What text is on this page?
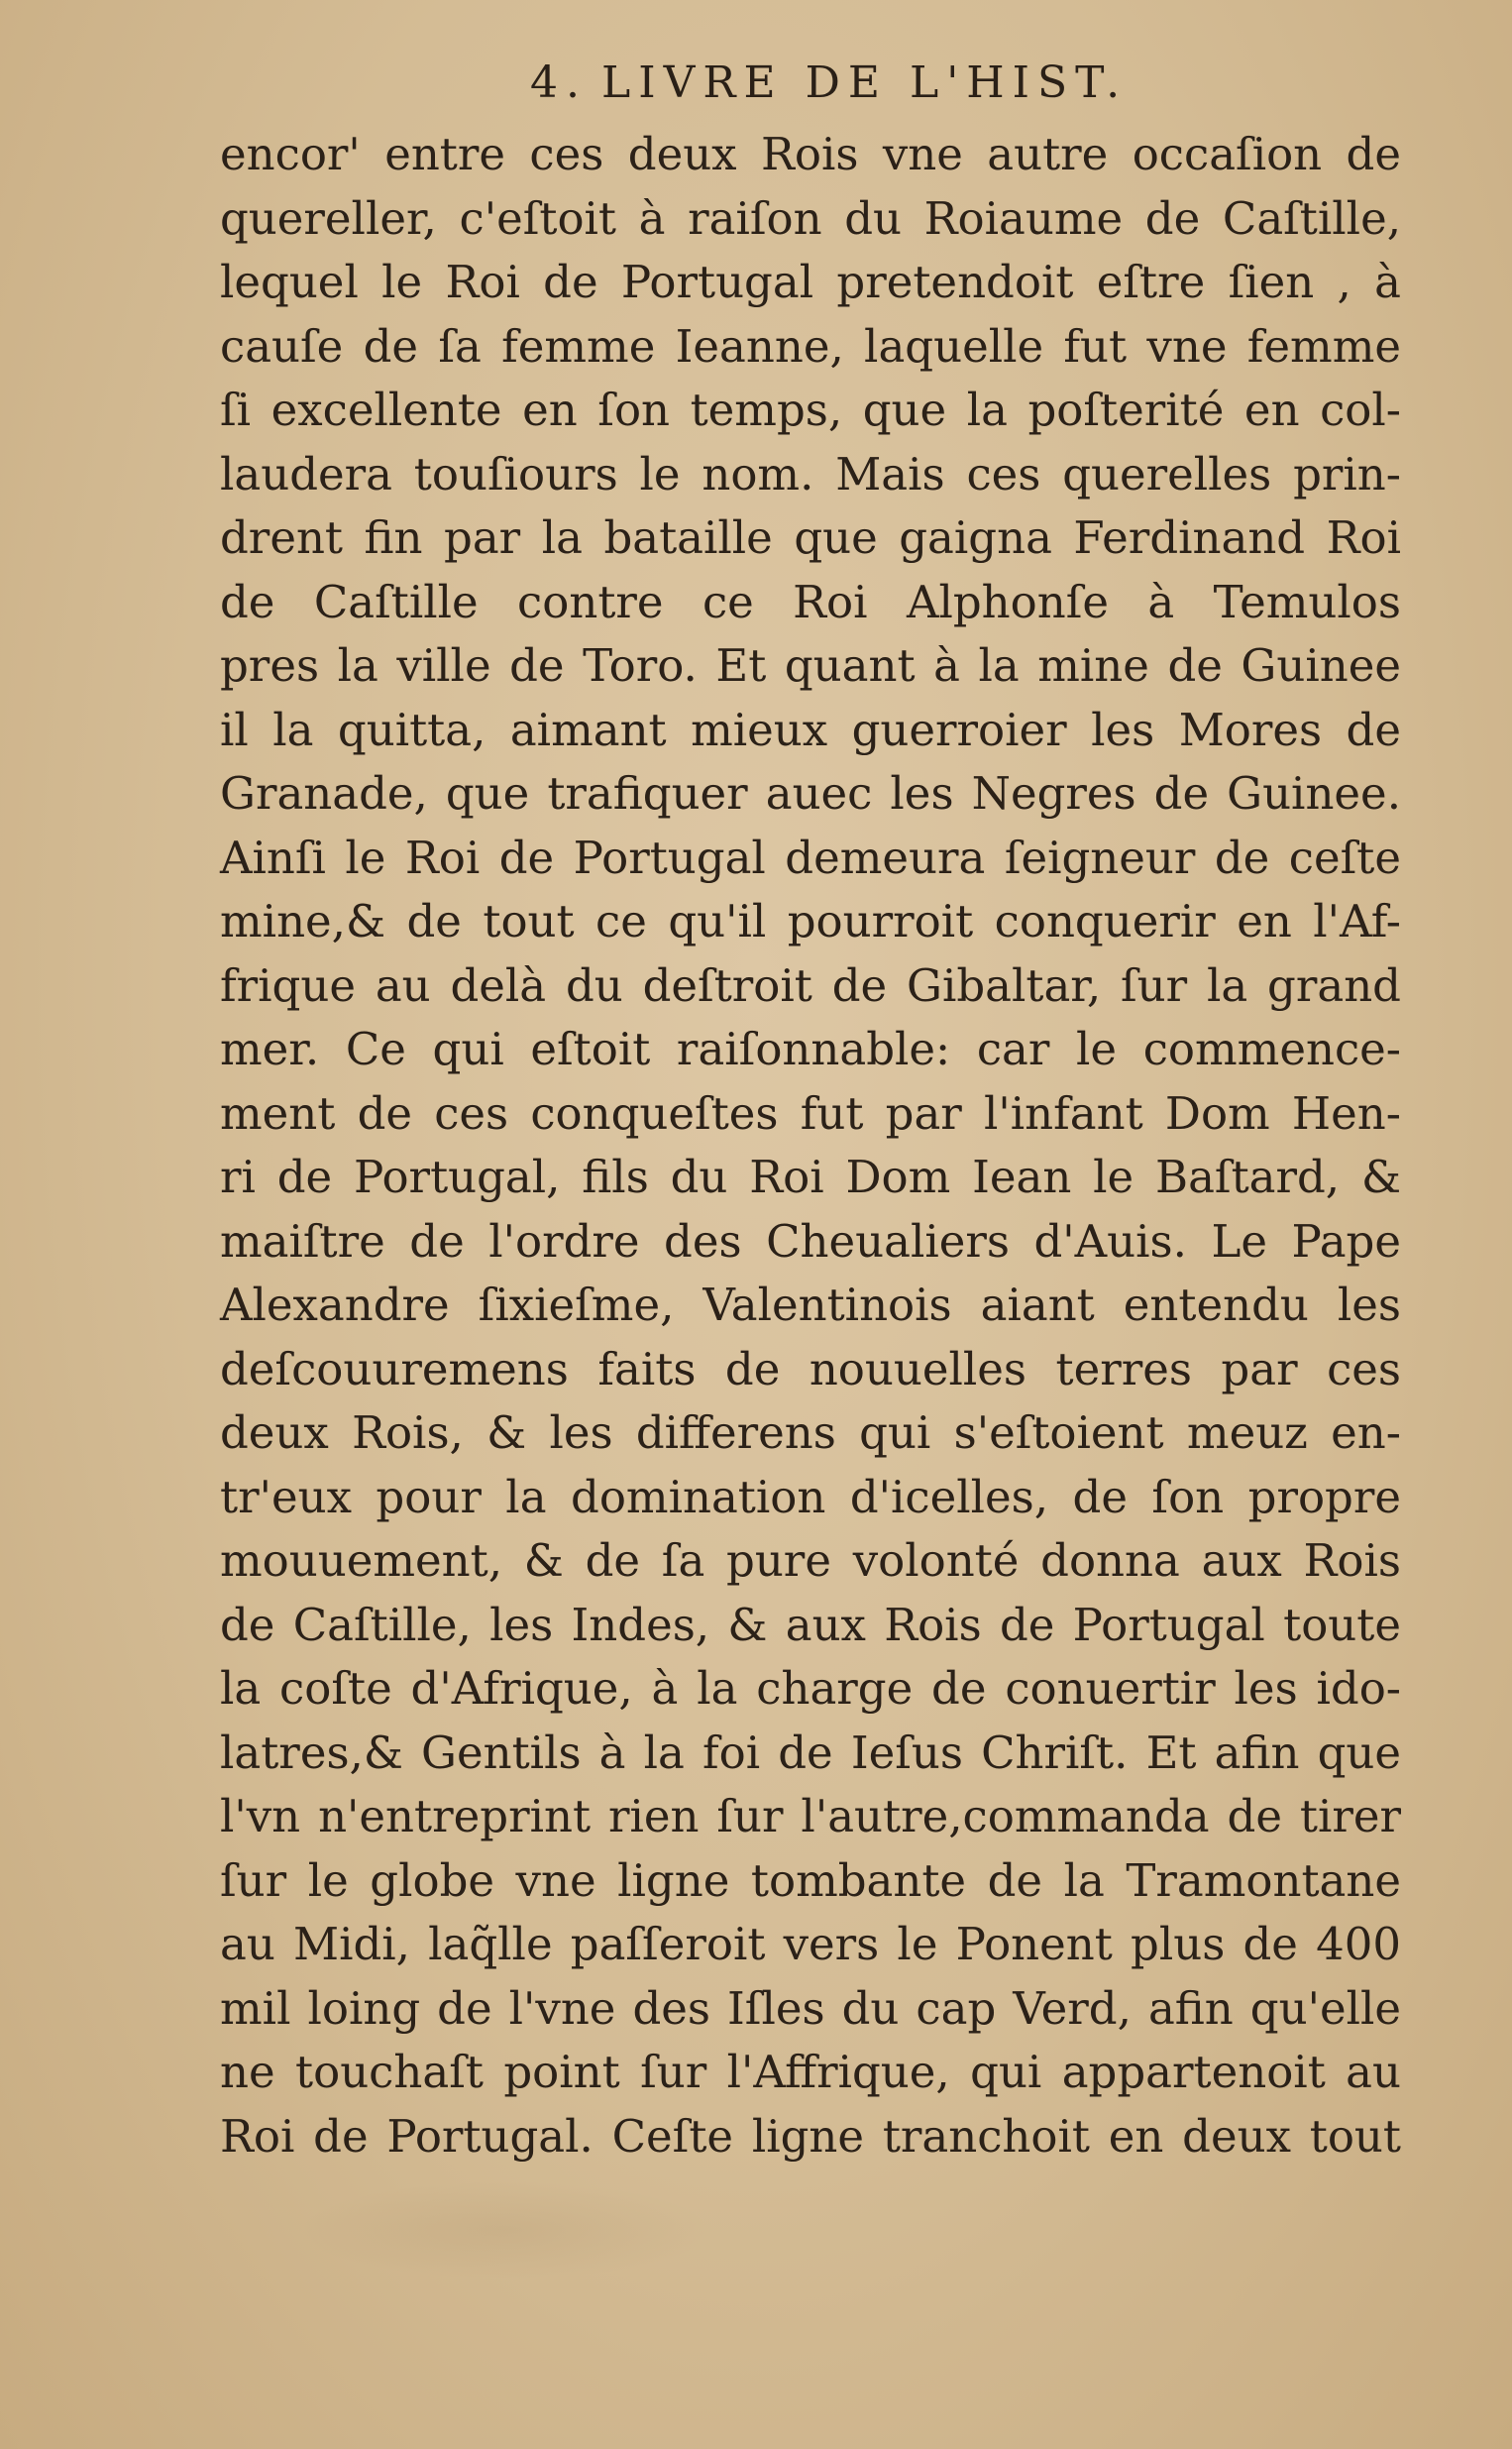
4. LIVRE DE L'HIST.
encor' entre ces deux Rois vne autre occaſion de
quereller, c'eſtoit à raiſon du Roiaume de Caſtille,
lequel le Roi de Portugal pretendoit eſtre ſien , à
cauſe de ſa femme Ieanne, laquelle fut vne femme
ſi excellente en ſon temps, que la poſterité en col-
laudera touſiours le nom. Mais ces querelles prin-
drent fin par la bataille que gaigna Ferdinand Roi
de Caſtille contre ce Roi Alphonſe à Temulos
pres la ville de Toro. Et quant à la mine de Guinee
il la quitta, aimant mieux guerroier les Mores de
Granade, que trafiquer auec les Negres de Guinee.
Ainſi le Roi de Portugal demeura ſeigneur de ceſte
mine,& de tout ce qu'il pourroit conquerir en l'Af-
frique au delà du deſtroit de Gibaltar, ſur la grand
mer. Ce qui eſtoit raiſonnable: car le commence-
ment de ces conqueſtes fut par l'infant Dom Hen-
ri de Portugal, fils du Roi Dom Iean le Baſtard, &
maiſtre de l'ordre des Cheualiers d'Auis. Le Pape
Alexandre ſixieſme, Valentinois aiant entendu les
deſcouuremens faits de nouuelles terres par ces
deux Rois, & les differens qui s'eſtoient meuz en-
tr'eux pour la domination d'icelles, de ſon propre
mouuement, & de ſa pure volonté donna aux Rois
de Caſtille, les Indes, & aux Rois de Portugal toute
la coſte d'Afrique, à la charge de conuertir les ido-
latres,& Gentils à la foi de Ieſus Chriſt. Et afin que
l'vn n'entreprint rien ſur l'autre,commanda de tirer
ſur le globe vne ligne tombante de la Tramontane
au Midi, laq̃lle paſſeroit vers le Ponent plus de 400
mil loing de l'vne des Iſles du cap Verd, afin qu'elle
ne touchaſt point ſur l'Affrique, qui appartenoit au
Roi de Portugal. Ceſte ligne tranchoit en deux tout
